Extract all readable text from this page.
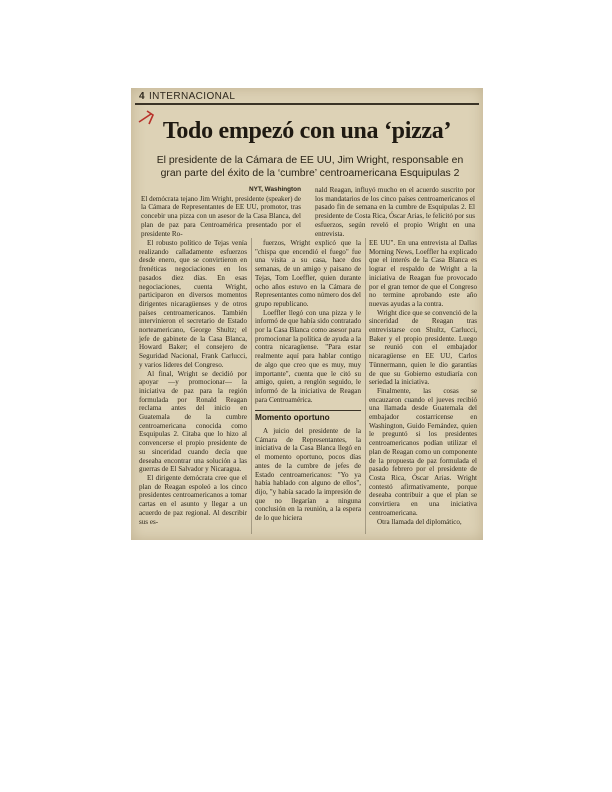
4 INTERNACIONAL
Todo empezó con una ‘pizza’
El presidente de la Cámara de EE UU, Jim Wright, responsable en gran parte del éxito de la ‘cumbre’ centroamericana Esquipulas 2
NYT, Washington

El demócrata tejano Jim Wright, presidente (speaker) de la Cámara de Representantes de EE UU, promotor, tras concebir una pizza con un asesor de la Casa Blanca, del plan de paz para Centroamérica presentado por el presidente Ro-

nald Reagan, influyó mucho en el acuerdo suscrito por los mandatarios de los cinco países centroamericanos el pasado fin de semana en la cumbre de Esquipulas 2. El presidente de Costa Rica, Óscar Arias, le felicitó por sus esfuerzos, según reveló el propio Wright en una entrevista.

El robusto político de Tejas venía realizando calladamente esfuerzos desde enero, que se convirtieron en frenéticas negociaciones en los pasados diez días. En esas negociaciones, cuenta Wright, participaron en diversos momentos dirigentes nicaragüenses y de otros países centroamericanos. También intervinieron el secretario de Estado norteamericano, George Shultz; el jefe de gabinete de la Casa Blanca, Howard Baker; el consejero de Seguridad Nacional, Frank Carlucci, y varios líderes del Congreso.

Al final, Wright se decidió por apoyar —y promocionar— la iniciativa de paz para la región formulada por Ronald Reagan reclama antes del inicio en Guatemala de la cumbre centroamericana conocida como Esquipulas 2. Citaba que lo hizo al convencerse el propio presidente de su sinceridad cuando decía que deseaba encontrar una solución a las guerras de El Salvador y Nicaragua.

El dirigente demócrata cree que el plan de Reagan espoleó a los cinco presidentes centroamericanos a tomar cartas en el asunto y llegar a un acuerdo de paz regional. Al describir sus es-

fuerzos, Wright explicó que la "chispa que encendió el fuego" fue una visita a su casa, hace dos semanas, de un amigo y paisano de Tejas, Tom Loeffler, quien durante ocho años estuvo en la Cámara de Representantes como número dos del grupo republicano.

Loeffler llegó con una pizza y le informó de que había sido contratado por la Casa Blanca como asesor para promocionar la política de ayuda a la contra nicaragüense. "Para estar realmente aquí para hablar contigo de algo que creo que es muy, muy importante", cuenta que le citó su amigo, quien, a renglón seguido, le informó de la iniciativa de Reagan para Centroamérica.

Momento oportuno

A juicio del presidente de la Cámara de Representantes, la iniciativa de la Casa Blanca llegó en el momento oportuno, pocos días antes de la cumbre de jefes de Estado centroamericanos: "Yo ya había hablado con alguno de ellos", dijo, "y había sacado la impresión de que no llegarían a ninguna conclusión en la reunión, a la espera de lo que hiciera

EE UU". En una entrevista al Dallas Morning News, Loeffler ha explicado que el interés de la Casa Blanca es lograr el respaldo de Wright a la iniciativa de Reagan fue provocado por el gran temor de que el Congreso no termine aprobando este año nuevas ayudas a la contra.

Wright dice que se convenció de la sinceridad de Reagan tras entrevistarse con Shultz, Carlucci, Baker y el propio presidente. Luego se reunió con el embajador nicaragüense en EE UU, Carlos Tünnermann, quien le dio garantías de que su Gobierno estudiaría con seriedad la iniciativa.

Finalmente, las cosas se encauzaron cuando el jueves recibió una llamada desde Guatemala del embajador costarricense en Washington, Guido Fernández, quien le preguntó si los presidentes centroamericanos podían utilizar el plan de Reagan como un componente de la propuesta de paz formulada el pasado febrero por el presidente de Costa Rica, Óscar Arias. Wright contestó afirmativamente, porque deseaba contribuir a que el plan se convirtiera en una iniciativa centroamericana.

Otra llamada del diplomático,
